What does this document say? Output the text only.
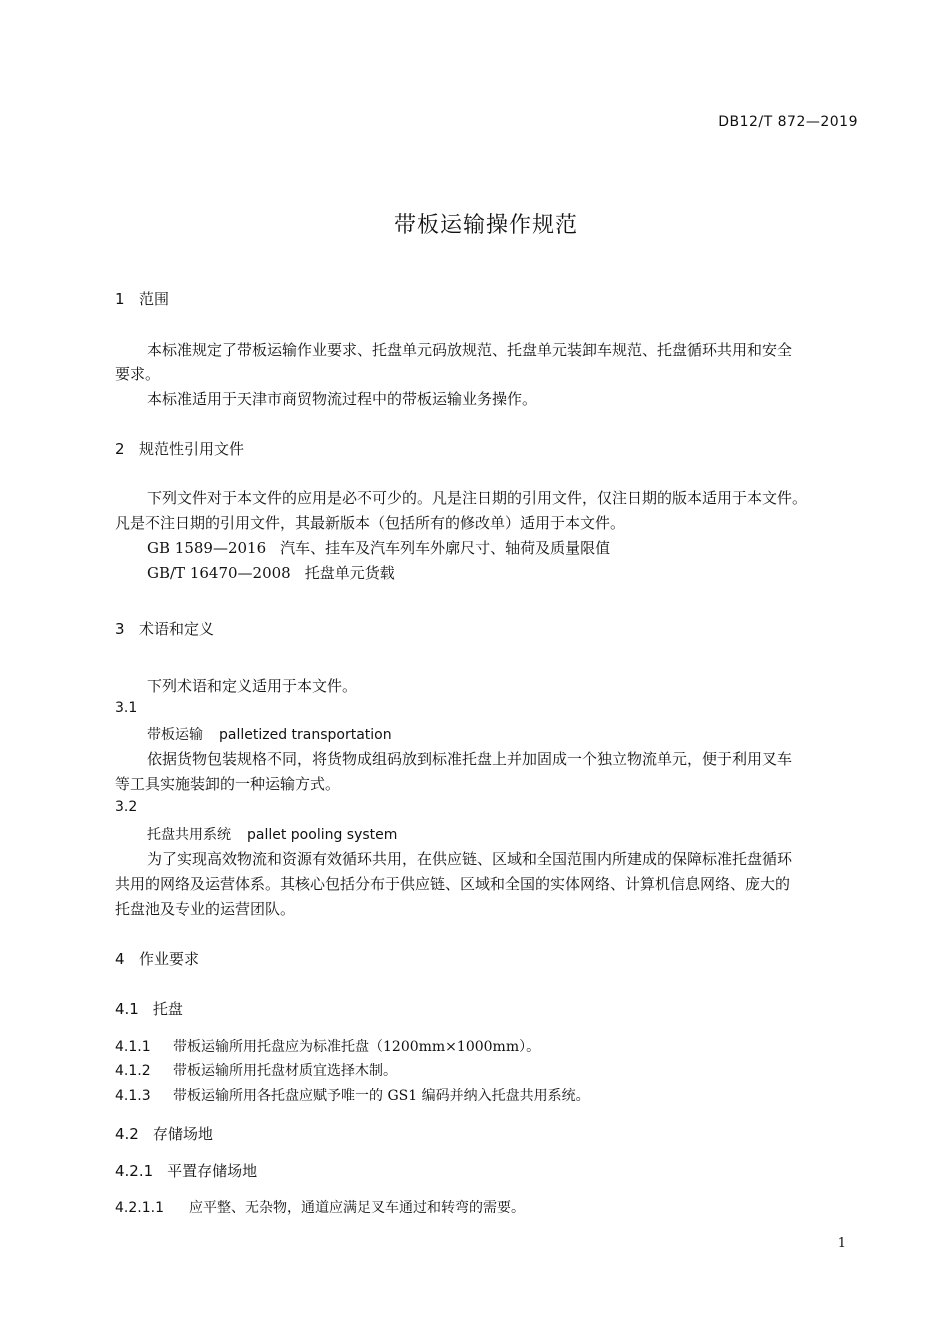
DB12/T 872—2019
带板运输操作规范
1 范围
本标准规定了带板运输作业要求、托盘单元码放规范、托盘单元装卸车规范、托盘循环共用和安全
要求。
本标准适用于天津市商贸物流过程中的带板运输业务操作。
2 规范性引用文件
下列文件对于本文件的应用是必不可少的。凡是注日期的引用文件，仅注日期的版本适用于本文件。
凡是不注日期的引用文件，其最新版本（包括所有的修改单）适用于本文件。
GB 1589—2016 汽车、挂车及汽车列车外廓尺寸、轴荷及质量限值
GB/T 16470—2008 托盘单元货载
3 术语和定义
下列术语和定义适用于本文件。
3.1
带板运输 palletized transportation
依据货物包装规格不同，将货物成组码放到标准托盘上并加固成一个独立物流单元，便于利用叉车
等工具实施装卸的一种运输方式。
3.2
托盘共用系统 pallet pooling system
为了实现高效物流和资源有效循环共用，在供应链、区域和全国范围内所建成的保障标准托盘循环
共用的网络及运营体系。其核心包括分布于供应链、区域和全国的实体网络、计算机信息网络、庞大的
托盘池及专业的运营团队。
4 作业要求
4.1 托盘
4.1.1 带板运输所用托盘应为标准托盘（1200mm×1000mm）。
4.1.2 带板运输所用托盘材质宜选择木制。
4.1.3 带板运输所用各托盘应赋予唯一的 GS1 编码并纳入托盘共用系统。
4.2 存储场地
4.2.1 平置存储场地
4.2.1.1 应平整、无杂物，通道应满足叉车通过和转弯的需要。
1
